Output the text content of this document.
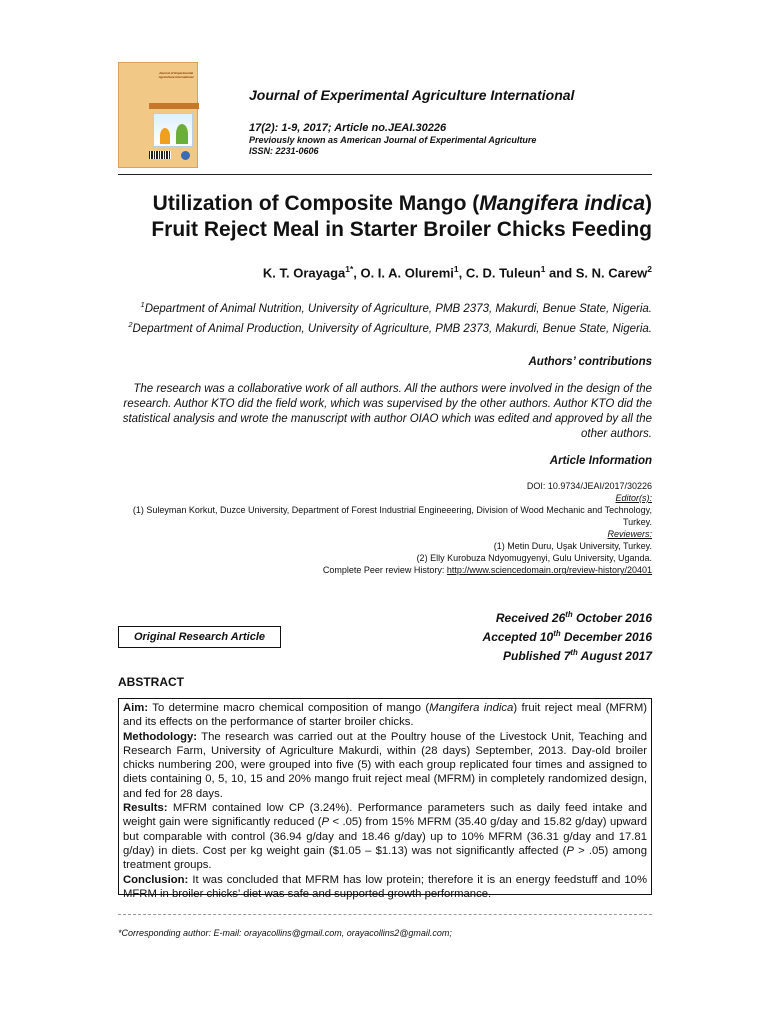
Journal of Experimental Agriculture International
Journal of Experimental Agriculture International
17(2): 1-9, 2017; Article no.JEAI.30226
Previously known as American Journal of Experimental Agriculture
ISSN: 2231-0606
Utilization of Composite Mango (Mangifera indica)
Fruit Reject Meal in Starter Broiler Chicks Feeding
K. T. Orayaga$^{1*}$, O. I. A. Oluremi$^1$, C. D. Tuleun$^1$ and S. N. Carew$^2$
$^1$Department of Animal Nutrition, University of Agriculture, PMB 2373, Makurdi, Benue State, Nigeria.
$^2$Department of Animal Production, University of Agriculture, PMB 2373, Makurdi, Benue State, Nigeria.
Authors’ contributions
The research was a collaborative work of all authors. All the authors were involved in the design of the research. Author KTO did the field work, which was supervised by the other authors. Author KTO did the statistical analysis and wrote the manuscript with author OIAO which was edited and approved by all the other authors.
Article Information
DOI: 10.9734/JEAI/2017/30226
Editor(s):
(1) Suleyman Korkut, Duzce University, Department of Forest Industrial Engineeering, Division of Wood Mechanic and Technology, Turkey.
Reviewers:
(1) Metin Duru, Uşak University, Turkey.
(2) Elly Kurobuza Ndyomugyenyi, Gulu University, Uganda.
Complete Peer review History: http://www.sciencedomain.org/review-history/20401
Original Research Article
Received 26th October 2016
Accepted 10th December 2016
Published 7th August 2017
ABSTRACT

Aim: To determine macro chemical composition of mango (Mangifera indica) fruit reject meal (MFRM) and its effects on the performance of starter broiler chicks.

Methodology: The research was carried out at the Poultry house of the Livestock Unit, Teaching and Research Farm, University of Agriculture Makurdi, within (28 days) September, 2013. Day-old broiler chicks numbering 200, were grouped into five (5) with each group replicated four times and assigned to diets containing 0, 5, 10, 15 and 20% mango fruit reject meal (MFRM) in completely randomized design, and fed for 28 days.

Results: MFRM contained low CP (3.24%). Performance parameters such as daily feed intake and weight gain were significantly reduced (P < .05) from 15% MFRM (35.40 g/day and 15.82 g/day) upward but comparable with control (36.94 g/day and 18.46 g/day) up to 10% MFRM (36.31 g/day and 17.81 g/day) in diets. Cost per kg weight gain ($1.05 – $1.13) was not significantly affected (P > .05) among treatment groups.

Conclusion: It was concluded that MFRM has low protein; therefore it is an energy feedstuff and 10% MFRM in broiler chicks’ diet was safe and supported growth performance.

*Corresponding author: E-mail: orayacollins@gmail.com, orayacollins2@gmail.com;
